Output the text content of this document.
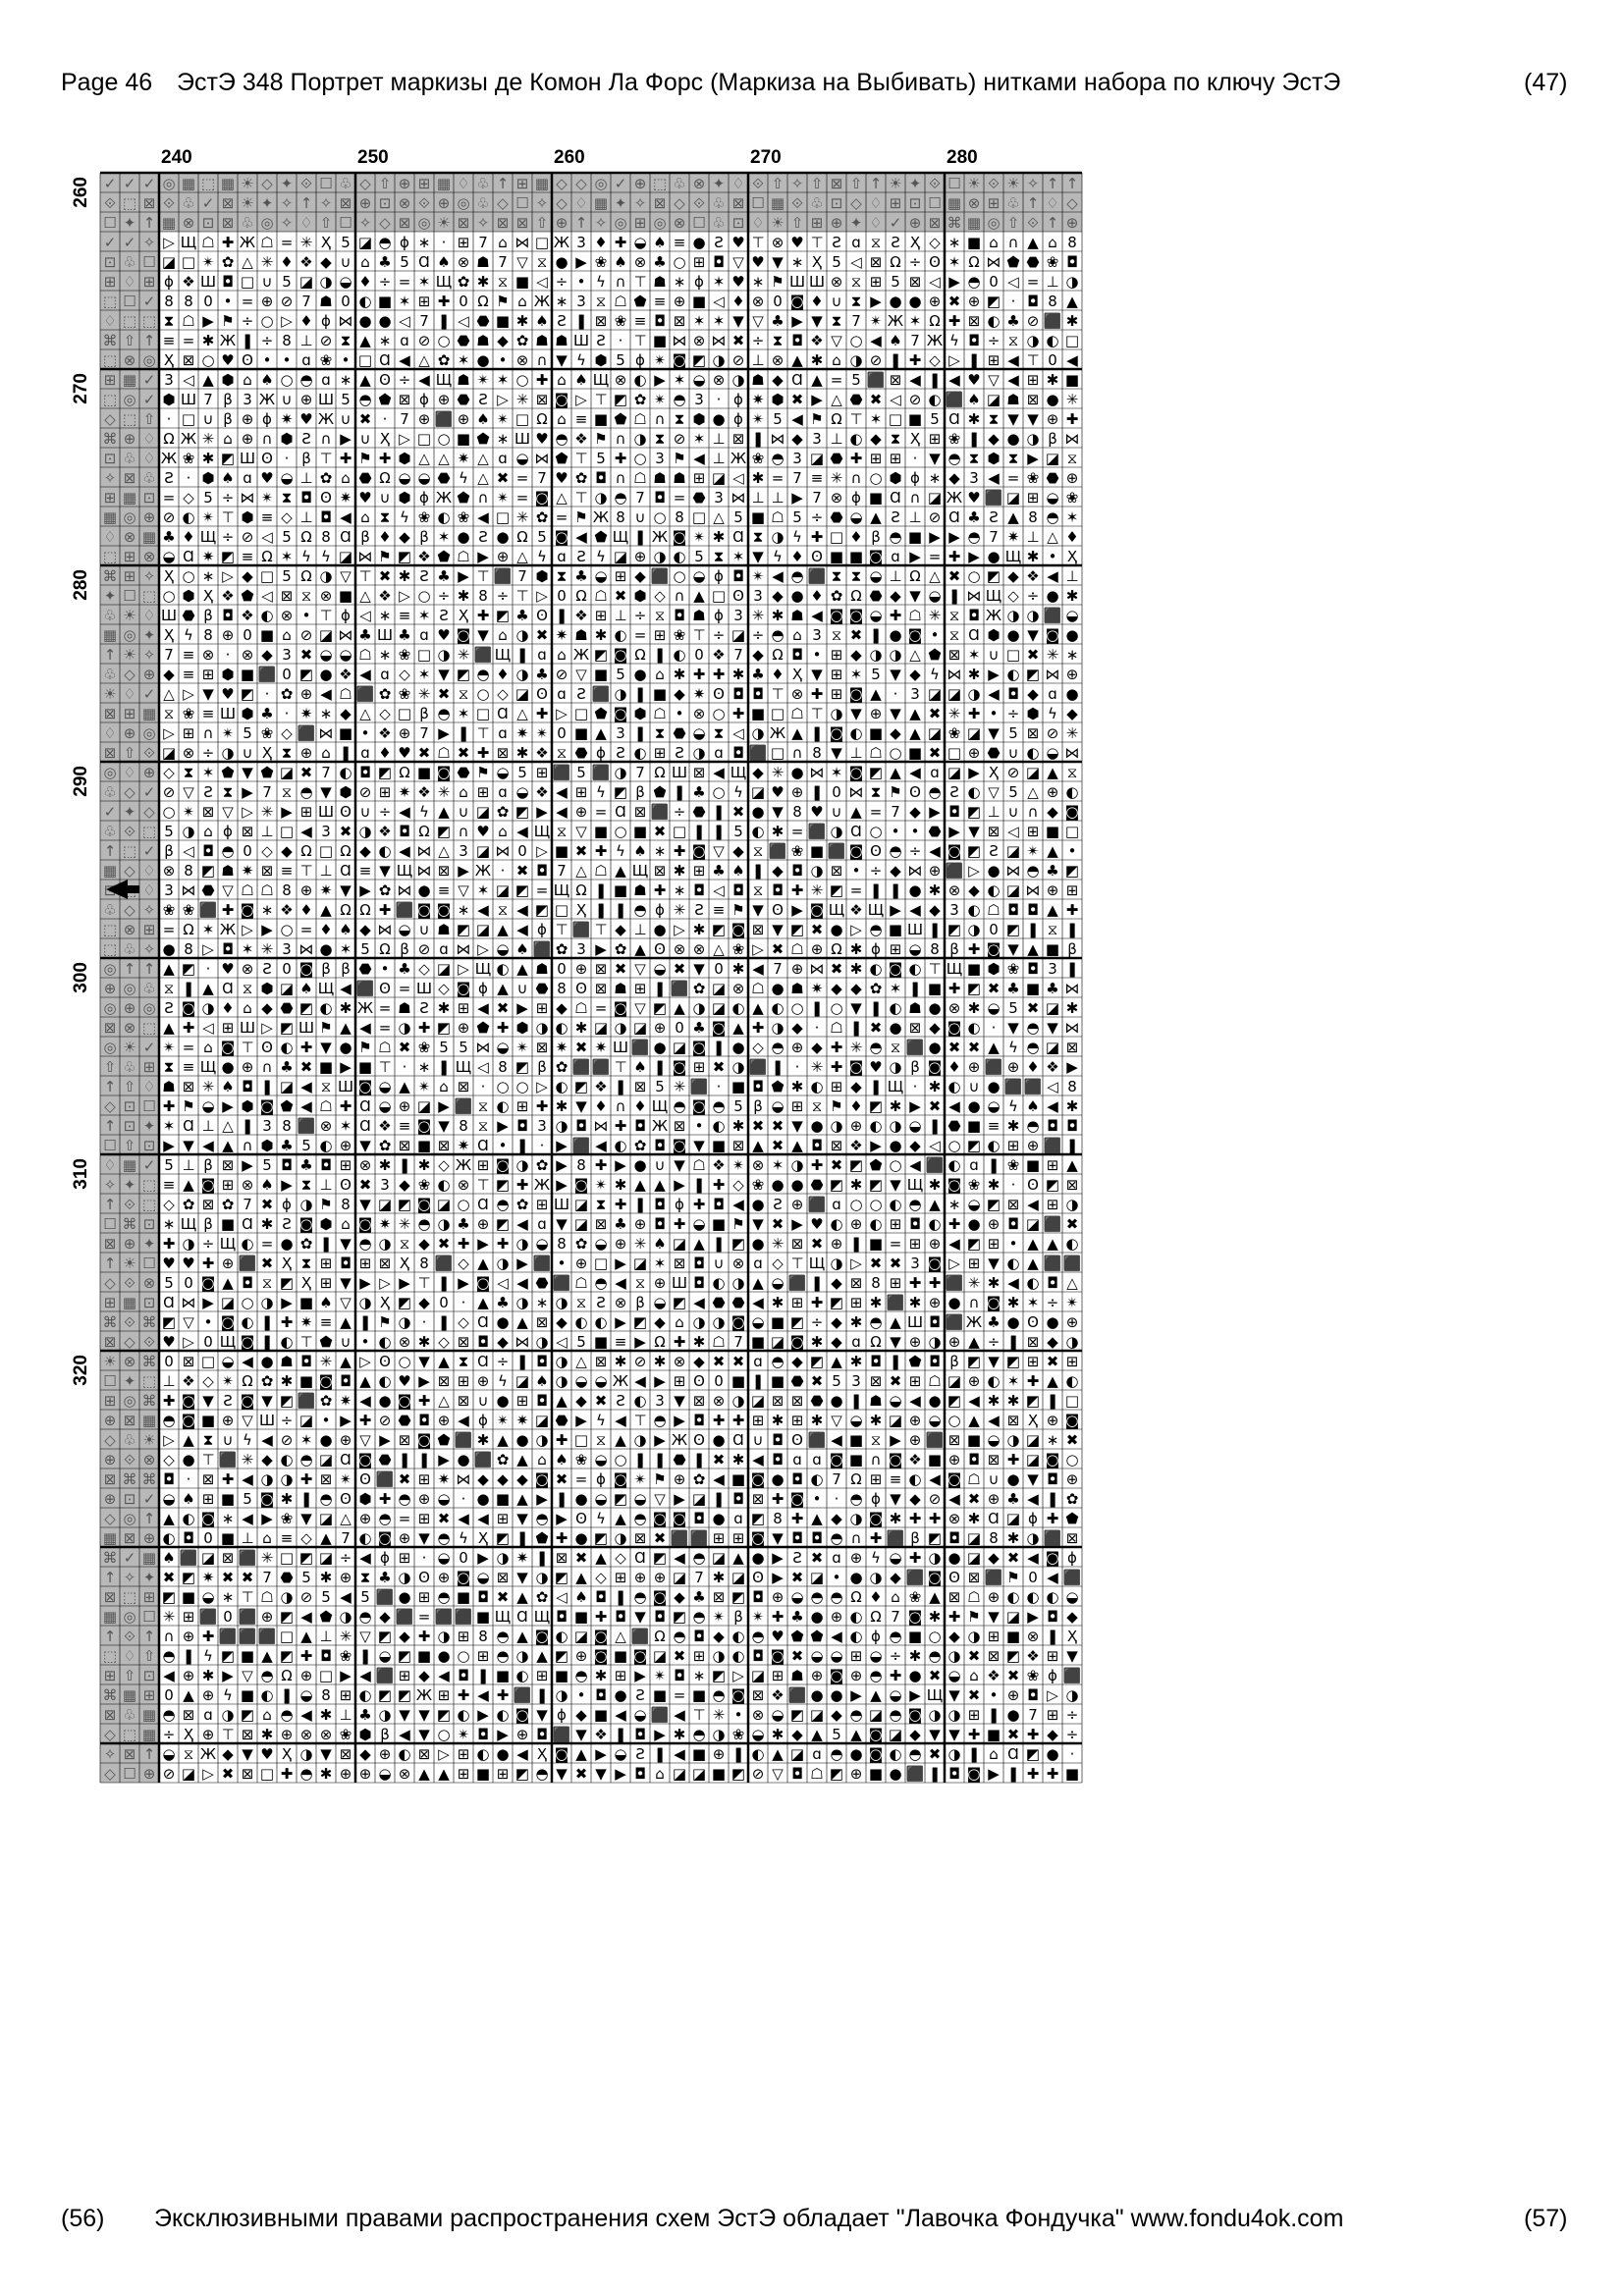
Page 46 ЭстЭ 348 Портрет маркизы де Комон Ла Форс (Маркиза на Выбивать) нитками набора по ключу ЭстЭ	(47)
✓ ✓ ✓ ◎ ▦ ⬚ ▦ ☀ ◇ ✦ ⟐ ☐ ♧ ◇ ⇧ ⊕ ⊞ ▦ ♢ ♧ ↑ ⊞ ▦ ◇ ◇ ◎ ✓ ⊕ ⬚ ♧ ⊗ ✦ ♢ ⟐ ⇧ ✧ ⇧ ⊠ ⇧ ↑ ☀ ✦ ⟐ ☐ ☀ ⟐ ☀ ✧ ↑ ↑
⟐ ⬚ ⊠ ⟐ ♧ ✓ ⊠ ☀ ✦ ✧ ↑ ✧ ⊠ ⊕ ⊡ ⊗ ⟐ ⊕ ◎ ♧ ◇ ☐ ✧ ◇ ♢ ▦ ✦ ✧ ⊠ ◇ ⟐ ♧ ⊠ ☐ ▦ ⟐ ♧ ⊡ ◇ ♢ ⊞ ⊡ ☐ ▦ ⊗ ⊞ ♧ ↑ ♢ ◇
☐ ✦ ↑ ▦ ⊗ ⊡ ⊠ ♧ ◎ ✧ ♢ ⇧ ☐ ✧ ◇ ⊠ ◎ ☀ ⊠ ✧ ⊠ ⊠ ⇧ ⊕ ↑ ✧ ◎ ⊞ ◎ ⊗ ☐ ♧ ⊡ ♢ ☀ ⇧ ⊞ ⊕ ✦ ♢ ✓ ⊕ ⊠ ⌘ ▦ ◎ ⇧ ⟐ ↑ ⊕
✓ ✓ ✧ ▷ Щ ☖ ✚ Ж ☖ = ✳ Ҳ 5 ◪ ◓ ϕ ∗ · ⊞ 7 ⌂ ⋈ □ Ж 3 ♦ ✚ ◒ ♠ ≡ ● Ƨ ♥ ⊤ ⊗ ♥ ⊤ Ƨ ɑ ⧖ Ƨ Ҳ ◇ ∗ ■ ⌂ ∩ ▲ ⌂ 8
⊡ ♧ ☐ ◪ □ ✴ ✿ △ ✳ ♦ ❖ ◆ ∪ ⌂ ♣ 5 Ɑ ♠ ⊗ ☗ 7 ▽ ⧖ ● ▶ ❀ ♠ ⊗ ♣ ○ ⊞ ◘ ▽ ♥ ▼ ∗ Ҳ 5 ◁ ⊠ Ω ÷ ʘ ✶ Ω ⋈ ⬟ ⬣ ❀ ◘
⊞ ♢ ⊞ ϕ ❖ Ш ◘ □ ∪ 5 ◪ ◑ ◒ ♦ ÷ = ✶ Щ ✿ ✱ ⧖ ■ ◁ ÷ • ϟ ∩ ⊤ ☗ ∗ ϕ ✶ ♥ ∗ ⚑ Ш Ш ⊗ ⧖ ⊞ 5 ⊠ ◁ ▶ ◓ 0 ◁ = ⊥ ◑
⬚ ☐ ✓ 8 8 0 • = ⊕ ⊘ 7 ☗ 0 ◐ ■ ✶ ⊞ ✚ 0 Ω ⚑ ⌂ Ж ∗ 3 ⧖ ☖ ⬟ ≡ ⊕ ■ ◁ ♦ ⊗ 0 ◙ ♦ ∪ ⧗ ▶ ● ● ⊕ ✖ ⊕ ◩ · ◘ 8 ▲
♢ ⬚ ⬚ ⧗ ☖ ▶ ⚑ ÷ ○ ▷ ♦ ϕ ⋈ ● ● ◁ 7 ❚ ◁ ⬣ ■ ✱ ♠ Ƨ ❚ ⊠ ❀ ≡ ◘ ⊠ ✶ ✶ ▼ ▽ ♣ ▶ ▼ ⧗ 7 ✴ Ж ✶ Ω ✚ ⊠ ◐ ♣ ⊘ ⬛ ✱
⌘ ⇧ ↑ ≡ = ✱ Ж ❚ ÷ 8 ⊥ ⊘ ⧗ ▲ ∗ ɑ ⊘ ○ ⬣ ☗ ◆ ✿ ☗ ☗ Ш Ƨ · ⊤ ■ ⋈ ⊗ ⋈ ✖ ÷ ⧗ ◘ ❖ ▽ ○ ◀ ♠ 7 Ж ϟ ◘ ÷ ⧖ ◑ ◐ □
⬚ ⊗ ◎ Ҳ ⊠ ○ ♥ ʘ • • ɑ ❀ • □ Ɑ ◀ △ ✿ ✶ ● • ⊗ ∩ ▼ ϟ ⬢ 5 ϕ ✴ ◙ ◩ ◑ ⊘ ⊥ ⊗ ▲ ✱ ⌂ ◑ ⊘ ❚ ✚ ◇ ▷ ❚ ⊞ ◀ ⊤ 0 ◀
⊞ ▦ ✓ 3 ◁ ▲ ⬢ ⌂ ♠ ○ ◓ ɑ ∗ ▲ ʘ ÷ ◀ Щ ☗ ✴ ✶ ○ ✚ ⌂ ♠ Щ ⊗ ◐ ▶ ✶ ◒ ⊗ ◑ ☗ ◆ Ɑ ▲ = 5 ⬛ ⊠ ◀ ❚ ◀ ♥ ▽ ◀ ⊞ ✱ ■
⬚ ◎ ✓ ⬢ Ш 7 β 3 Ж ∪ ⊕ Ш 5 ◓ ⬟ ⊠ ϕ ⊕ ⬣ Ƨ ▷ ✳ ⊠ ◙ ▷ ⊤ ◩ ✿ ✴ ◓ 3 · ϕ ✷ ⬢ ✖ ▶ △ ⬣ ✖ ◁ ⊘ ◐ ⬛ ♠ ◪ ☗ ⊠ ● ✳
◇ ⬚ ⇧ · □ ∪ β ⊕ ϕ ✷ ♥ Ж ∪ ✖ · 7 ⊕ ⬛ ⊕ ♠ ✴ □ Ω ⌂ ≡ ■ ⬟ ☖ ∩ ⧗ ⬢ ● ϕ ✴ 5 ◀ ⚑ Ω ⊤ ✶ □ ■ 5 Ɑ ✱ ⧗ ▼ ▼ ⊕ ✚
⌘ ⊕ ♢ Ω Ж ✳ ⌂ ⊕ ∩ ⬢ Ƨ ∩ ▶ ∪ Ҳ ▷ □ ○ ■ ⬟ ∗ Ш ♥ ◓ ❖ ⚑ ∩ ◑ ⧗ ⊘ ✶ ⊥ ⊠ ❚ ⋈ ◆ 3 ⊥ ◐ ◆ ⧗ Ҳ ⊞ ❀ ❚ ◆ ● ◑ β ⋈
⊡ ♧ ♢ Ж ❀ ✱ ◩ Ш ʘ · β ⊤ ✚ ⚑ ✚ ⬢ △ △ ✷ △ ɑ ◒ ⋈ ⬟ ⊤ 5 ✚ ○ 3 ⚑ ◀ ⊥ Ж ❀ ◓ 3 ◪ ⬣ ✚ ⊞ ⊞ · ▼ ◓ ⧗ ⬢ ⧗ ▶ ◪ ⧖
✧ ⊠ ♧ Ƨ · ⬢ ♠ ɑ ♥ ◒ ⊥ ✿ ⌂ ⬣ Ω ◒ ◒ ⬣ ϟ △ ✖ = 7 ♥ ✿ ◘ ∩ ☖ ☗ ☗ ⊞ ◪ ◁ ✱ = 7 ≡ ✳ ∩ ○ ⬢ ϕ ∗ ◆ 3 ◀ = ❀ ⬣ ⊕
⊞ ▦ ⊡ = ◇ 5 ÷ ⋈ ✴ ⧗ ◘ ʘ ✷ ♥ ∪ ⬢ ϕ Ж ⬟ ∩ ✴ = ◙ △ ⊤ ◑ ◓ 7 ◘ = ⬣ 3 ⋈ ⊥ ⊥ ▶ 7 ⊗ ϕ ■ Ɑ ∩ ◪ Ж ♥ ⬛ ◪ ⊞ ◒ ❀
▦ ◎ ⊕ ⊘ ◐ ✴ ⊤ ⬢ ≡ ◇ ⊥ ◘ ◀ ⌂ ⧗ ϟ ❀ ◐ ❀ ◀ □ ✳ ✿ = ⚑ Ж 8 ∪ ○ 8 □ △ 5 ■ ☖ 5 ÷ ⬣ ◒ ▲ Ƨ ⊥ ⊘ Ɑ ♣ Ƨ ▲ 8 ◓ ✶
♢ ⊗ ▦ ♣ ♦ Щ ÷ ⊘ ◁ 5 Ω 8 Ɑ β ♦ ◆ β ✶ ● Ƨ ● Ω 5 ◙ ◀ ⬟ Щ ❚ Ж ◙ ✴ ✱ Ɑ ⧗ ◑ ϟ ✚ □ ♦ β ◓ ■ ▶ ▶ ◓ 7 ✷ ⊥ △ ♦
⬚ ⊞ ⊗ ◒ Ɑ ✷ ◩ ≡ Ω ✶ ϟ ϟ ◪ ⋈ ⚑ ◩ ❖ ⬟ ☖ ▶ ⊕ △ ϟ ɑ Ƨ ϟ ◪ ⊕ ◑ ◐ 5 ⧗ ✶ ▼ ϟ ♦ ʘ ■ ■ ◙ ɑ ▶ = ✚ ▶ ● Щ ✱ • Ҳ
⌘ ⊞ ✧ Ҳ ○ ∗ ▷ ◆ □ 5 Ω ◑ ▽ ⊤ ✖ ✱ Ƨ ♣ ▶ ⊤ ⬛ 7 ⬢ ⧗ ♣ ◒ ⊞ ◆ ⬛ ○ ◒ ϕ ◘ ✴ ◀ ◓ ⬛ ⧗ ⧗ ◒ ⊥ Ω △ ✖ ○ ◩ ◆ ❖ ◀ ⊥
✦ ☐ ⬚ ○ ⬢ Ҳ ❖ ⬟ ◁ ⊠ ⧖ ⊗ ■ △ ❖ ▷ ○ ÷ ✱ 8 ÷ ⊤ ▷ 0 Ω ☖ ✖ ⬢ ◇ ∩ ▲ □ ʘ 3 ◆ ● ♦ ✿ Ω ⬣ ◆ ▼ ◒ ❚ ⋈ Щ ◇ ÷ ● ✱
♧ ☀ ♢ Ш ⬣ β ◘ ❖ ◐ ⊗ • ⊤ ϕ ◁ ∗ ≡ ✶ Ƨ Ҳ ✚ ◩ ♣ ʘ ❚ ❖ ⊞ ⊥ ÷ ⧖ ◘ ☗ ϕ 3 ✳ ✱ ☗ ◀ ◙ ◙ ◒ ✚ ☖ ✳ ⧖ ◘ Ж ◑ ◑ ⬛ ◒
▦ ◎ ✦ Ҳ ϟ 8 ⊕ 0 ■ ⌂ ⊘ ◪ ⋈ ♣ Ш ♣ ɑ ♥ ◙ ▼ ⌂ ◑ ✖ ✷ ☗ ✱ ◐ = ⊞ ❀ ⊤ ÷ ◪ ÷ ◓ ⌂ 3 ⧖ ✖ ❚ ● ◙ • ⧖ Ɑ ⬢ ● ▼ ◙ ●
↑ ☀ ✧ 7 ≡ ⊗ · ⊗ ◆ 3 ✖ ◒ ◒ ☖ ∗ ❀ □ ◑ ✳ ⬛ Щ ❚ ɑ ⌂ Ж ◩ ◙ Ω ❚ ◐ 0 ❖ 7 ◆ Ω ◘ • ⊞ ◆ ◑ ◑ △ ⬟ ⊠ ✶ ∪ □ ✖ ✳ ∗
♧ ◇ ⊕ ◆ ≡ ⊞ ⬢ ■ ⬛ 0 ◩ ● ❖ ◀ ɑ ◇ ✶ ▼ ◩ ◓ ♦ ◑ ♣ ⊘ ▽ ■ 5 ● ⌂ ✱ ✚ ✚ ✱ ♣ ♦ Ҳ ▼ ⊞ ✶ 5 ▼ ◆ ϟ ⋈ ✱ ▶ ◐ ◩ ⋈ ⊕
☀ ♢ ✓ △ ▷ ▼ ♥ ◩ · ✿ ⊕ ◀ ☖ ⬛ ✿ ❀ ✳ ✖ ⧖ ○ ◇ ◪ ʘ ɑ Ƨ ⬛ ◑ ❚ ■ ◆ ✷ ʘ ◘ ◘ ⊤ ⊗ ✚ ⊞ ◙ ▲ · 3 ◪ ◪ ◑ ◀ ◘ ◆ ɑ ●
⊠ ⊞ ▦ ⧖ ❀ ≡ Ш ⬢ ♣ · ✷ ∗ ◆ △ ◇ □ β ◓ ✶ □ Ɑ △ ✚ ▷ □ ⬟ ◙ ⬢ ☖ • ⊗ ○ ✚ ■ □ ☖ ⊤ ◑ ▼ ⊕ ▼ ▲ ✖ ✳ ✚ • ÷ ⬢ ϟ ◆
♢ ⊕ ◎ ▷ ⊞ ∩ ✴ 5 ❀ ◇ ⬛ ⋈ ■ • ❖ ⊕ 7 ▶ ❚ ⊤ ɑ ✷ ✴ 0 ■ ▲ 3 ❚ ⧗ ⬣ ◒ ⧗ ◁ ◑ Ж ▲ ❚ ◙ ◐ ■ ◆ ▲ ◪ ❀ ◪ ▼ 5 ⊠ ⊘ ✳
⊠ ⇧ ⟐ ◪ ⊗ ÷ ◑ ∪ Ҳ ⧗ ⊕ ⌂ ❚ ɑ ♦ ♥ ✖ ☖ ✖ ✚ ⊠ ✱ ❖ ⧖ ⬣ ϕ Ƨ ◐ ⊞ Ƨ ◑ ɑ ◘ ⬛ □ ∩ 8 ▼ ⊥ ☖ ○ ■ ✖ □ ⊕ ⬣ ∪ ◐ ◒ ⋈
◎ ♢ ⊕ ◇ ⧗ ✶ ⬟ ▼ ⬟ ◪ ✖ 7 ◐ ◘ ◩ Ω ■ ◙ ⬣ ⚑ ◒ 5 ⊞ ⬛ 5 ⬛ ◑ 7 Ω Ш ⊠ ◀ Щ ◆ ✳ ● ⋈ ✶ ◙ ◩ ▲ ◀ ɑ ◪ ▶ Ҳ ⊘ ◪ ▲ ⧖
♧ ◇ ✓ ⊘ ▽ Ƨ ⧗ ▶ 7 ⧖ ◓ ▼ ⬢ ⊘ ⊞ ✷ ❖ ✳ ⌂ ⊞ ɑ ◒ ❖ ◀ ⊞ ϟ ◩ β ⬟ ❚ ♣ ○ ϟ ◪ ♥ ⊕ ❚ 0 ⋈ ⧗ ⚑ ʘ ◓ Ƨ ◐ ▽ 5 △ ⊕ ◐
✓ ✦ ◇ ○ ✴ ⊠ ▽ ▷ ✳ ▶ ⊞ Ш ʘ ∪ ÷ ◀ ϟ ▲ ∪ ◪ ✿ ◩ ▶ ◀ ⊕ = Ɑ ⊠ ⬛ ÷ ⬣ ❚ ✖ ● ▼ 8 ♥ ∪ ▲ = 7 ◆ ▶ ◘ ◩ ⊥ ∪ ∩ ◆ ◙
♧ ⟐ ⬚ 5 ◑ ⌂ ϕ ⊠ ⊥ □ ◀ 3 ✖ ◑ ❖ ◘ Ω ◩ ∩ ♥ ⌂ ◀ Щ ⧖ ▽ ■ ○ ■ ✖ □ ❚ ❚ 5 ◐ ✱ = ⬛ ◑ Ɑ ○ • • ⬣ ▶ ▼ ⊠ ◁ ⊞ ■ □
↑ ⬚ ✓ β ◁ ◘ ◓ 0 ◇ ◆ Ω □ Ω ◆ ◐ ◀ ⋈ △ 3 ◪ ⋈ 0 ▷ ■ ✖ ✚ ϟ ♠ ∗ ✚ ◙ ▽ ◆ ⧖ ⬛ ❀ ■ ⬛ ◙ ʘ ◓ ÷ ◀ ◙ ◩ Ƨ ◪ ✴ ▲ •
▦ ◇ ♢ ⊗ 8 ◩ ☗ ✷ ⊠ ≡ ⊤ ⊥ Ɑ ≡ ▼ Щ ⋈ ⊠ ▶ Ж · ✖ ◘ 7 △ ☖ ▲ Щ ⊠ ✱ ⊞ ♣ ♠ ❚ ◆ ◘ ◑ ⊠ • ÷ ◆ ⋈ ⊕ ⬛ ▷ ● ⋈ ◓ ♣ ◩
♢ 3 ⋈ ⬣ ▽ ☖ ☖ 8 ⊕ ✷ ▼ ▶ ✿ ⋈ ● ≡ ▽ ✶ ◪ ◩ = Щ Ω ❚ ■ ☗ ✚ ∗ ◘ ◁ ◘ ⧖ ◘ ✚ ✳ ◩ = ❚ ❚ ● ✱ ⊗ ◆ ◐ ◪ ⋈ ⊕ ⊞
♧ ◇ ✧ ❀ ❀ ⬛ ✚ ◙ ∗ ❖ ♦ ▲ Ω Ω ✚ ⬛ ◙ ◙ ∗ ◀ ⧖ ◀ ◩ □ Ҳ ❚ ❚ ◓ ϕ ✳ Ƨ ≡ ⚑ ▼ ʘ ▶ ◙ Щ ❖ Щ ▶ ◀ ◆ 3 ◐ ☖ ◘ ◘ ▲ ✚
⬚ ⊗ ⊞ = Ω ✶ Ж ▷ ▶ ○ = ♦ ♠ ◆ ⋈ ◒ ∪ ☗ ◩ ◪ ▲ ◀ ϕ ⊤ ⬛ ⊤ ◆ ⊥ ● ▷ ✱ ◩ ◙ ⊠ ▼ ◩ ✖ ● ▷ ◓ ■ Ш ❚ ◩ ◑ 0 ◩ ❚ ⧖ ❚
⬚ ♧ ✧ ● 8 ▷ ◘ ✶ ✳ 3 ⋈ ● ✶ 5 Ω β ⊘ ɑ ⋈ ▷ ◒ ♠ ⬛ ✿ 3 ▶ ✿ ▲ ʘ ⊗ ⊗ △ ❀ ▷ ✖ ☖ ⊕ Ω ✱ ϕ ⊞ ◒ 8 β ✚ ◙ ▼ ▲ ■ β
◎ ↑ ↑ ▲ ◩ · ♥ ⊗ Ƨ 0 ◙ β β ⬣ • ♣ ◇ ◪ ▷ Щ ◐ ▲ ☗ 0 ⊕ ⊠ ✖ ▽ ◒ ✖ ▼ 0 ✱ ◀ 7 ⊕ ⋈ ✖ ✱ ◐ ◙ ◐ ⊤ Щ ■ ⬢ ❀ ◘ 3 ❚
⊕ ◎ ♧ ⧖ ❚ ▲ Ɑ ⧖ ⬢ ◪ ♠ Щ ◀ ⬛ ʘ = Ш ◇ ◙ ϕ ▲ ∪ ⬣ 8 ʘ ⊠ ☗ ⊞ ❚ ⬛ ✿ ◪ ⊗ ☖ ● ☗ ✷ ◆ ◆ ✿ ✶ ❚ ■ ✚ ◩ ✖ ♣ ■ ♣ ⋈
◎ ⊕ ◎ Ƨ ◙ ◑ ♦ ⌂ ◆ ⬣ ◩ ◐ ✱ Ж = ☗ Ƨ ✱ ⊞ ◀ ✖ ▶ ⊞ ◆ ☖ = ◙ ▽ ◩ ▲ ◑ ◪ ◐ ▲ ◐ ○ ❚ ○ ▼ ❚ ◐ ☗ ● ⊗ ✱ ◒ 5 ✖ ◪ ✱
⊠ ⊗ ⬚ ▲ ✚ ◁ ⊞ Ш ▷ ◩ Ш ⚑ ▲ ◀ = ◑ ✚ ◩ ⊕ ⬟ ✚ ⬢ ◑ ◐ ✱ ◪ ◑ ◪ ⊕ 0 ♣ ◙ ▲ ✚ ◑ ◆ · ☖ ❚ ✖ ● ⊠ ◆ ◙ ◐ · ▼ ◓ ▼ ⋈
◎ ☀ ✓ ✴ = ⌂ ◙ ⊤ ʘ ◐ ✚ ▼ ● ⚑ ☖ ✖ ❀ 5 5 ⋈ ◒ ✴ ⊠ ✷ ✖ ✷ Ш ⬛ ● ◪ ◙ ❚ ● ◇ ◓ ⊕ ◆ ✚ ✳ ◓ ⧖ ⬛ ● ✖ ✖ ▲ ϟ ◓ ◪ ⊠
⇧ ♧ ⊞ ⧗ ≡ Щ ● ⊕ ∩ ♣ ✖ ■ ▶ ■ ⊤ · ∗ ❚ Щ ◁ 8 ◩ β ✿ ⬛ ⬛ ⊤ ♠ ❚ ◙ ⊞ ✖ ◑ ⬛ ❚ · ✳ ✚ ◙ ♥ ◑ β ◙ ♦ ⊕ ⬛ ⊕ ♦ ❖ ▶
↑ ⇧ ♢ ☗ ⊠ ✳ ♠ ◘ ❚ ◪ ◀ ⧖ Ш ◙ ◒ ▲ ✴ ⌂ ⊠ · ○ ○ ▷ ◐ ◩ ❖ ❚ ⊠ 5 ✳ ⬛ · ■ ◘ ⬟ ✱ ◐ ⊞ ◆ ❚ Щ · ✱ ◐ ∪ ● ⬛ ⬛ ◁ 8
◇ ⊡ ☐ ✚ ⚑ ◒ ▶ ⬢ ◙ ⬟ ◀ ☖ ✚ Ɑ ◒ ⊕ ◪ ▶ ⬛ ⧖ ◐ ⊞ ✚ ✱ ▼ ♦ ∩ ♦ Щ ◓ ◙ ◓ 5 β ◒ ⊞ ⧖ ⚑ ♦ ◩ ✱ ▶ ✖ ◀ ● ◒ ϟ ♠ ◀ ✱
↑ ⊡ ✦ ✶ Ɑ ⊥ △ ❚ 3 8 ⬛ ⊗ ✶ Ɑ ❖ ≡ ◙ ▼ 8 ⧖ ▶ ◘ 3 ◑ ◘ ⋈ ✚ ◘ Ж ⊠ • ◐ ✱ ✖ ✖ ▼ ● ◑ ⊕ ◐ ◑ ◒ ❚ ⬣ ■ ≡ ✱ ◓ ◘ ◘
☐ ⇧ ⊡ ▶ ▼ ◀ ▲ ∩ ⬢ ♣ 5 ◐ ⊕ ▼ ✿ ⊠ ■ ⊠ ✷ Ɑ • ❚ · ▶ ⬛ ◀ ◐ ✿ ◘ ◙ ▼ ■ ⊠ ▲ ✖ ▲ ◘ ⊠ ❖ ▶ ● ◆ ◁ ○ ◩ ◐ ⊞ ⊕ ⬛ ❚
♢ ▦ ✓ 5 ⊥ β ⊠ ▶ 5 ◘ ♣ ◘ ⊞ ⊗ ✱ ❚ ✱ ◇ Ж ⊞ ◙ ◑ ✿ ▶ 8 ✚ ▶ ● ∪ ▼ ☖ ❖ ✴ ⊗ ✶ ◑ ✚ ✖ ◩ ⬟ ○ ◀ ⬛ ◐ ɑ ❚ ❀ ■ ⊞ ▲
✧ ✦ ⬚ ≡ ▲ ◙ ⊞ ⊗ ♠ ▶ ⧗ ⊥ ʘ ✖ 3 ◆ ❀ ◐ ⊗ ⊤ ◩ ✚ Ж ▶ ◙ ✴ ✱ ▲ ▲ ▶ ❚ ✚ ◇ ❀ ● ● ⬣ ◩ ✱ ◩ ▼ Щ ✱ ◙ ❀ ✱ · ʘ ◩ ⊠
↑ ⟐ ⬚ ◇ ✿ ⊠ ✿ 7 ✖ ϕ ◑ ⚑ 8 ▼ ◪ ◩ ◙ ◪ ○ Ɑ ◓ ✿ ⊞ Ш ◪ ⧗ ✚ ❚ ◘ ϕ ✚ ◘ ◀ ● Ƨ ⊕ ⬛ ɑ ○ ○ ◐ ◓ ▲ ∗ ◒ ◩ ⊠ ◀ ⊞ ◑
☐ ⌘ ⊡ ∗ Щ β ■ Ɑ ✱ Ƨ ◙ ⬢ ⌂ ◙ ✷ ✳ ◓ ◑ ♣ ⊕ ◩ ◀ ɑ ▼ ◪ ⊠ ♣ ⊕ ◘ ✚ ◒ ■ ⚑ ▼ ✖ ▶ ♥ ◐ ⊕ ◐ ⊞ ◘ ◐ ✚ ● ⊕ ◘ ◪ ⬛ ✖
⊠ ⊕ ✦ ✚ ◑ ÷ Щ ◐ = ● ✿ ❚ ▼ ◓ ◑ ⧖ ◆ ✖ ✚ ▶ ✚ ◑ ◒ 8 ✿ ◒ ⊕ ✳ ♠ ◪ ▲ ❚ ◩ ● ✳ ⊠ ✖ ⊕ ❚ ■ = ⊞ ⊕ ◀ ◩ ⊞ • ▲ ▲ ◐
↑ ☀ ☐ ♥ ♥ ✚ ⊕ ⬛ ✖ Ҳ ⧗ ⊞ ◘ ⊞ ⊠ Ҳ 8 ⬛ ◇ ▲ ◑ ▶ ⬛ • ⊕ □ ▶ ◪ ✶ ⊠ ◘ ∪ ⊗ ɑ ◇ ⊤ Щ ◑ ▷ ✖ ✖ 3 ◙ ▷ ⊞ ▼ ◐ ▲ ⬛ ⬛
◇ ⟐ ⊗ 5 0 ◙ ▲ ◘ ⧖ ◩ Ҳ ⊞ ▼ ▶ ▷ ▶ ⊤ ❚ ▶ ◙ ◁ ◀ ⬣ ⬛ ☖ ◓ ◀ ⧖ ⊕ Ш ◘ ◐ ◑ ▲ ◒ ⬛ ❚ ◆ ⊠ 8 ⊞ ✚ ✚ ⬛ ✳ ✱ ◀ ◐ ◘ △
⊞ ▦ ⊡ Ɑ ⋈ ▶ ◪ ○ ◑ ▶ ■ ♠ ▽ ◑ Ҳ ◩ ◆ 0 · ▲ ♣ ◑ ∗ ◑ ⧖ Ƨ ⊗ β ◒ ◩ ◀ ⬣ ⬣ ◀ ✱ ⊞ ✚ ◩ ⊞ ✱ ⬛ ✱ ⊕ ● ∩ ◙ ✱ ✶ ÷ ✴
⌘ ⟐ ⌘ ◩ ▽ • ◙ ◐ ❚ ✚ ✷ ≡ ▲ ❚ ⚑ ◑ · ❚ ◇ Ɑ ● ▲ ⊠ ◆ ◐ ◐ ▶ ◩ ◆ ⌂ ◑ ◑ ◙ ◒ ■ ◩ ÷ ◆ ✱ ◓ ▲ Ш ◘ ⬛ Ж ♣ ● ʘ ● ⊕
⊠ ◇ ⟐ ♥ ▷ 0 Щ ◙ ❚ ◐ ⊤ ⬟ ∪ • ◐ ⊗ ✱ ◇ ⊠ ◘ ◆ ⋈ ◑ ◁ 5 ■ ≡ ▶ Ω ✚ ✱ ☖ 7 ■ ◪ ◙ ✱ ◆ ɑ Ω ▼ ⊕ ◑ ⊕ ▲ ÷ ❚ ⊠ ◆ ◑
☀ ⊗ ⌘ 0 ⊠ □ ◒ ◀ ● ☗ ◘ ✳ ▲ ▷ ʘ ○ ▼ ▲ ⧗ Ɑ ÷ ❚ ◘ ◑ △ ⊠ ✱ ⊘ ✱ ⊗ ◆ ✖ ✖ ɑ ◓ ◆ ◩ ▲ ✱ ◘ ❚ ⬟ ◘ β ◩ ▼ ◩ ⊞ ✖ ⊞
☐ ✦ ⬚ ⊥ ❖ ◇ ✴ Ω ✿ ✱ ■ ◙ ◘ ▲ ◐ ♥ ▶ ⊠ ⊞ ⊕ ϟ ◪ ♠ ◑ ◒ ◒ Ж ◀ ▶ ⊞ ʘ 0 ■ ❚ ■ ⬣ ✖ 5 3 ⊠ ✖ ⊞ ☖ ◪ ⊕ ◐ ✶ ✚ ▲ ◐
⊞ ◎ ⌘ ✚ ◙ ▼ Ƨ ◙ ▼ ◩ ⬛ ✿ ✷ ◀ ● ◙ ✚ △ ⊠ ∪ ● ⊞ ◘ ▲ ◆ ✖ Ƨ ◐ 3 ▼ ⊠ ⊗ ◑ ◪ ⊠ ⊠ ⬣ ● ❚ ☗ ◒ ◀ ● ◩ ◀ ✱ ✱ ◩ ❚ □
⊕ ⊠ ▦ ◓ ◙ ■ ⊕ ▽ Ш ÷ ◪ • ▶ ✚ ⊘ ⬣ ◘ ⊕ ◀ ϕ ✴ ✷ ◪ ⬣ ▶ ϟ ◀ ⊤ ◓ ▶ ◘ ✚ ✚ ⊞ ✱ ⊞ ✱ ▽ ◒ ✱ ◪ ⊕ ◒ ○ ▲ ◀ ⊠ Ҳ ⊕ ◙
◇ ♧ ☀ ▷ ▲ ⧗ ∪ ϟ ◀ ⊘ ✶ ● ⊕ ▽ ▶ ⊠ ◙ ⬟ ⬛ ✱ ▲ ● ◑ ✚ □ ⧖ ▲ ◑ ▶ Ж ʘ ● Ɑ ∪ ◘ ʘ ⬛ ◀ ■ ⧖ ▶ ⊕ ⬛ ⊠ ■ ◒ ◑ ◪ ∗ ✖
⊕ ⟐ ⊗ ◇ ● ⊤ ⬛ ✳ ◆ ◐ ◓ ◪ Ɑ ◙ ⬣ ❚ ❚ ▶ ● ⬛ ✿ ▲ ⌂ ♠ ❀ ◒ ○ ❚ ❚ ⬣ ❚ ✖ ✱ ◀ ◘ ɑ ɑ ◙ ■ ∩ ◙ ❖ ■ ⊕ ◘ ⊠ ✚ ◪ ◙ ○
⊠ ⌘ ⌘ ◘ · ⊠ ✚ ◀ ◑ ◑ ✚ ⊠ ✴ ʘ ⬛ ✖ ⊞ ✷ ⋈ ◆ ◆ ◆ ◙ ✖ = ϕ ◙ ✴ ⚑ ⊕ ✿ ◀ ■ ◙ ● ◘ ◐ 7 Ω ⊞ ≡ ◐ ◀ ◙ ☖ ∪ ● ▼ ◘ ⊕
⊕ ⊡ ✓ ◒ ♠ ⊞ ■ 5 ◙ ✱ ❚ ◓ ʘ ⬢ ✚ ◓ ⊕ ◒ · ● ■ ▲ ▶ ❚ ● ◒ ◩ ◒ ▽ ▶ ◪ ❚ ◘ ⊠ ✚ ◙ • · ◓ ϕ ▼ ◆ ⊘ ◀ ✖ ⊕ ♣ ◀ ❚ ✿
◇ ◎ ↑ ▲ ◐ ◙ ∗ ◀ ▶ ❀ ▼ ◪ △ ⊕ ◓ = ⊞ ✖ ◀ ◀ ⊞ ▼ ◓ ▶ ʘ ϟ ▲ ◓ ◙ ◙ ◘ ● ɑ ◩ 8 ✚ ▲ ◆ ◑ ◙ ✱ ✚ ✚ ⊗ ✱ Ɑ ◪ ϕ ✚ ⬟
▦ ⊠ ⊕ ◐ ◘ 0 ■ ⊥ ⌂ ≡ ◇ ▲ 7 ◐ ◙ ⊕ ▼ ◓ ϟ Ҳ ◩ ❚ ⬟ ✚ ● ◩ ◑ ⊠ ✖ ⬛ ⬛ ⊞ ⊞ ◙ ▼ ◘ ◘ ◓ ∩ ✚ ⬛ β ◩ ◘ ◪ 8 ✱ ◑ ⬛ ⊠
⌘ ✓ ▦ ♠ ⬛ ◪ ⊠ ⬛ ✳ □ ◩ ◪ ÷ ◀ ϕ ⊞ · ◒ 0 ▶ ◑ ✷ ❚ ⊠ ✖ ▲ ◇ Ɑ ◩ ◀ ◓ ◪ ▲ ● ▶ Ƨ ✖ ɑ ⊕ ϟ ◒ ✚ ◑ ● ◪ ◆ ✖ ◀ ◙ ϕ
↑ ✧ ✦ ✖ ◩ ✷ ✖ ✖ 7 ⬣ 5 ✱ ⊕ ⧗ ♣ ◑ ʘ ⊕ ◙ ◒ ⊠ ▼ ◑ ◩ ▲ ◇ ⊞ ⊕ ⊕ ◪ 7 ✱ ◪ ʘ ▶ ✖ ◪ • ● ◑ ◆ ⬛ ◙ ʘ ⊠ ⬛ ⚑ 0 ◀ ⬛
⊠ ⬚ ⊞ ◩ ■ ◒ ∗ ⊤ ☖ ◑ ⊘ 5 ◀ 5 ⬛ ● ⊞ ◓ ■ ◘ ✖ ▲ ✿ ◁ ♠ ◘ ❚ ◓ ◙ ◆ ♣ ⊠ ◩ ◘ ⊕ ◒ ◓ ◓ Ω ♦ ⌂ ❀ ▲ ⊠ ☖ ⊕ ◐ ◐ ◐ ◒
▦ ◎ ☐ ✳ ⊞ ⬛ 0 ⬛ ⊕ ◩ ◀ ⬟ ◑ ◓ ◆ ⬛ = ⬛ ⬛ ■ Щ Ɑ Щ ◘ ■ ✚ ◘ ▼ ◘ ◩ ◓ ✴ β ✴ ✚ ♣ ● ⊕ ◐ Ω 7 ◙ ✱ ✚ ⚑ ▼ ◪ ▶ ◘ ◆
↑ ⟐ ↑ ∩ ⊕ ✚ ⬛ ⬛ ⬛ □ ▲ ⊥ ✳ ▽ ◩ ◆ ✚ ◑ ⊞ 8 ◓ ▲ ◙ ◐ ◪ ◙ △ ⬛ Ω ◓ ◘ ◆ ◐ ◓ ♥ ⬟ ⬟ ◀ ◐ ϕ ◓ ■ ○ ◆ ◑ ⊞ ■ ⊗ ❚ Ҳ
⬚ ♢ ⇧ ◓ ❚ ϟ ◩ ■ ▲ ◩ ✚ ◘ ❀ ❚ ◒ ◩ ■ ● ○ ⊞ ◓ ◑ ▲ ◩ ⊕ ◙ ■ ◙ ◪ ✖ ⊞ ◑ ◐ ◘ ◙ ✖ ◒ ◒ ⊞ ◒ ÷ ✱ ◓ ◑ ✖ ⊠ ◩ ❖ ⊞ ▼
⊞ ⇧ ⊡ ◀ ⊕ ✱ ▶ ▽ ◓ Ω ⊕ □ ▶ ◀ ⬛ ⊞ ◆ ◀ ◘ ❚ ■ ◐ ⊞ ■ ◓ ✱ ⊞ ▶ ✴ ◘ ∗ ◩ ▷ ◪ ⊞ ☗ ⊕ ◙ ⊕ ◓ ✚ ● ✖ ◒ ⌂ ❖ ✖ ❀ ϕ ⬛
⌘ ▦ ⊞ 0 ▲ ⊕ ϟ ■ ◐ ❚ ◒ 8 ⊞ ◐ ◩ ◩ Ж ⊞ ✚ ◀ ✚ ⬛ ❚ ◑ • ◘ ● Ƨ ■ = ■ ◓ ◙ ⊠ ❖ ⬛ ● ● ▶ ▲ ◒ ▶ Щ ▼ ✖ • ⊕ ◘ ▷ ◑
⊠ ♧ ▦ ◓ ⊠ ɑ ◑ ◩ ⌂ ◓ ◀ ✱ ⊥ ♣ ◑ ▼ ▼ ◩ ◐ ▶ ◐ ◙ ▼ ϕ ◆ ■ ◀ ◒ ⬛ ◀ ⊤ ✳ • ⊗ ◒ ◩ ◪ ◆ ◓ ◪ ◓ ◙ ◑ ◑ ⊞ ❚ ● 7 ⊞ ÷
◇ ⬚ ▦ ÷ Ҳ ⊕ ⊤ ⊠ ✱ ⊕ ⊗ ⊗ ❀ ⬢ β ◀ ▼ ○ ✴ ◘ ▶ ⊕ ◘ ⬛ ▼ ❖ ❚ ◘ ▶ ✱ ◓ ◑ ❀ ◒ ✱ ◆ ▲ 5 ▲ ◙ ◪ ◆ ▼ ▼ ✚ ■ ✖ ✚ ◆ ÷
✧ ⊠ ↑ ◒ ⧖ Ж ◆ ▼ ♥ Ҳ ◑ ▼ ⊠ ◆ ⊕ ◐ ⊠ ▷ ⊞ ◐ ● ◀ Ҳ ◙ ▲ ▶ ◒ Ƨ ❚ ◀ ■ ⊕ ❚ ◐ ▲ ◪ ɑ ◓ ● ◙ ◐ ◓ ✖ ◑ ❚ ⌂ Ɑ ◩ ● ·
◇ ☐ ⊕ ⊘ ◪ ▷ ✖ ⊠ □ ✚ ◓ ✱ ⊕ ⊕ ◒ ⊗ ▲ ▲ ⊞ ■ ⊞ ◩ ◓ ▼ ✖ ▼ ▶ ◘ ⌂ ◪ ◪ ■ ◩ ⊘ ▽ ◘ ☖ ◩ ⊕ ■ ● ⬛ ❚ ◘ ◙ ▶ ❚ ✚ ✚ ■
240	250	260	270	280
260
270
280
290
300
310
320
(56) Эксклюзивными правами распространения схем ЭстЭ обладает "Лавочка Фондучка" www.fondu4ok.com	(57)
